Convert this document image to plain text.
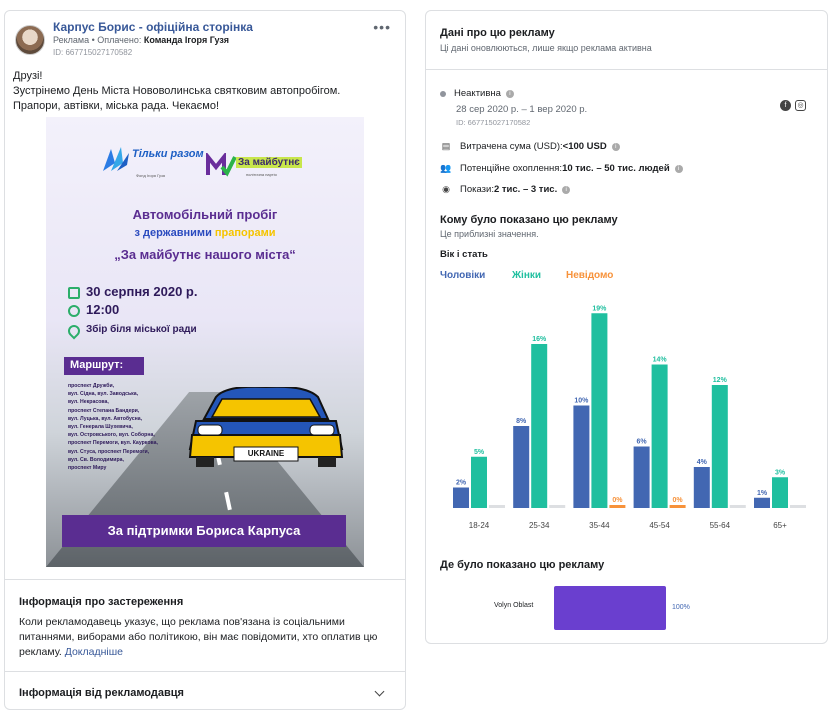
Карпус Борис - офіційна сторінка
Реклама • Оплачено: Команда Ігоря Гузя
ID: 667715027170582
•••
Друзі!
Зустрінемо День Міста Нововолинська святковим автопробігом.
Прапори, автівки, міська рада. Чекаємо!
Тільки разом
Фонд Ігоря Гузя
За майбутнє
політична партія
Автомобільний пробіг
з державними прапорами
„За майбутнє нашого міста“
30 серпня 2020 р.
12:00
Збір біля міської ради
Маршрут:
проспект Дружби,
вул. Сідна, вул. Заводська,
вул. Некрасова,
проспект Степана Бандери,
вул. Луцька, вул. Автобусна,
вул. Генерала Шухевича,
вул. Островського, вул. Соборна,
проспект Перемоги, вул. Кауркова,
вул. Стуса, проспект Перемоги,
вул. Св. Володимира,
проспект Миру
UKRAINE
За підтримки Бориса Карпуса
Інформація про застереження
Коли рекламодавець указує, що реклама пов'язана із соціальними питаннями, виборами або політикою, він має повідомити, хто оплатив цю рекламу. Докладніше
Інформація від рекламодавця
Дані про цю рекламу
Ці дані оновлюються, лише якщо реклама активна
Неактивна	i
28 сер 2020 р. – 1 вер 2020 р.
ID: 667715027170582
f	◎
▤ Витрачена сума (USD): <100 USD	i
👥 Потенційне охоплення: 10 тис. – 50 тис. людей	i
◉ Покази: 2 тис. – 3 тис.	i
Кому було показано цю рекламу
Це приблизні значення.
Вік і стать
Чоловіки	Жінки Невідомо
2%
5%
18-24
8%
16%
25-34
10%
19%
0%
35-44
6%
14%
0%
45-54
4%
12%
55-64
1%
3%
65+
Де було показано цю рекламу
Volyn Oblast	100%
